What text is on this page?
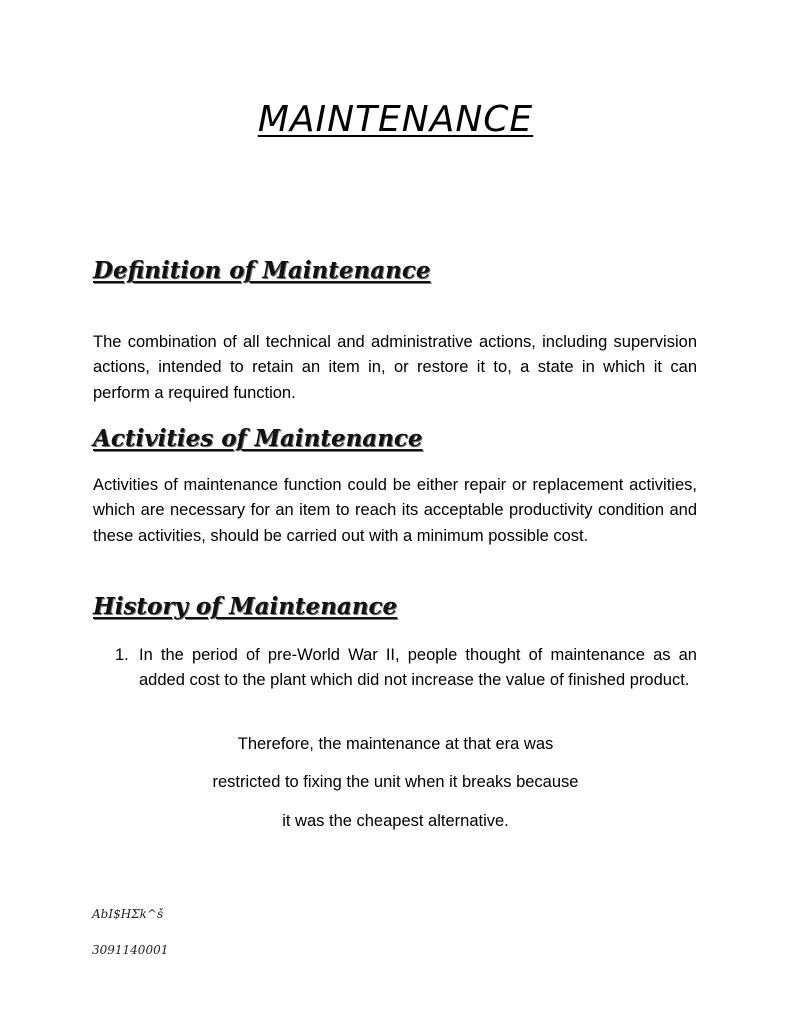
MAINTENANCE
Definition of Maintenance

The combination of all technical and administrative actions, including supervision actions, intended to retain an item in, or restore it to, a state in which it can perform a required function.

Activities of Maintenance

Activities of maintenance function could be either repair or replacement activities, which are necessary for an item to reach its acceptable productivity condition and these activities, should be carried out with a minimum possible cost.

History of Maintenance
1. In the period of pre-World War II, people thought of maintenance as an added cost to the plant which did not increase the value of finished product.
Therefore, the maintenance at that era was
restricted to fixing the unit when it breaks because
it was the cheapest alternative.
AbI$HΣk^š
3091140001
